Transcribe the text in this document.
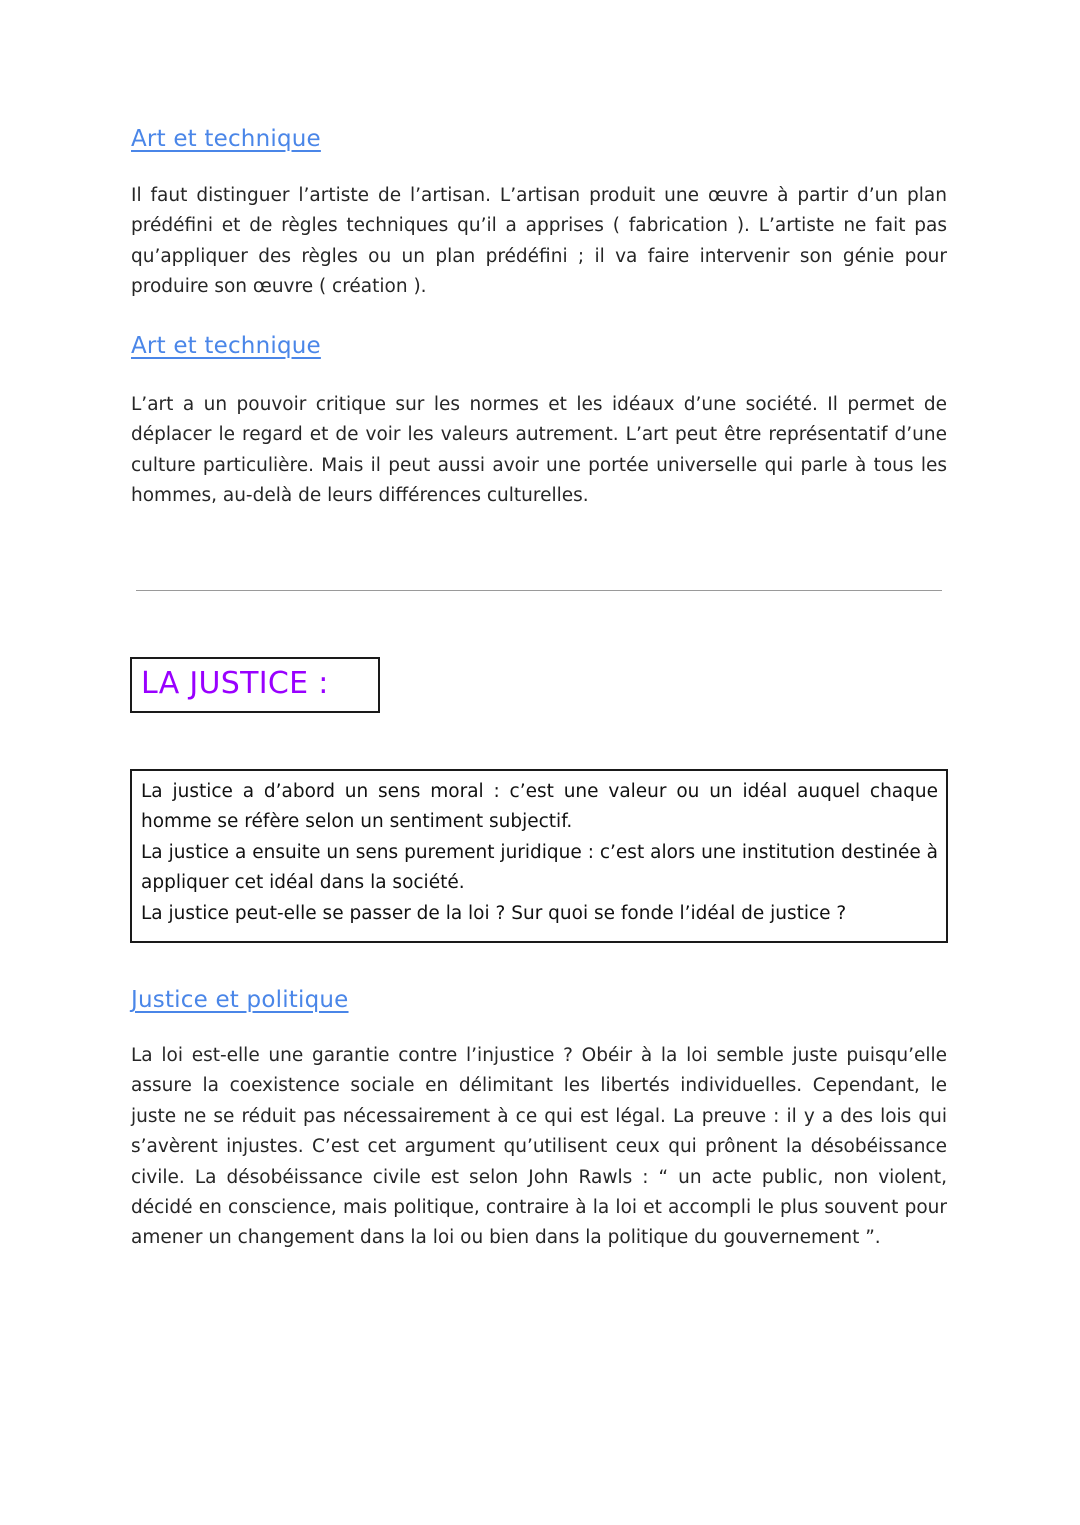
Art et technique

Il faut distinguer l’artiste de l’artisan. L’artisan produit une œuvre à partir d’un plan prédéfini et de règles techniques qu’il a apprises ( fabrication ). L’artiste ne fait pas qu’appliquer des règles ou un plan prédéfini ; il va faire intervenir son génie pour produire son œuvre ( création ).

Art et technique

L’art a un pouvoir critique sur les normes et les idéaux d’une société. Il permet de déplacer le regard et de voir les valeurs autrement. L’art peut être représentatif d’une culture particulière. Mais il peut aussi avoir une portée universelle qui parle à tous les hommes, au-delà de leurs différences culturelles.

LA JUSTICE :

La justice a d’abord un sens moral : c’est une valeur ou un idéal auquel chaque homme se réfère selon un sentiment subjectif.

La justice a ensuite un sens purement juridique : c’est alors une institution destinée à appliquer cet idéal dans la société.

La justice peut-elle se passer de la loi ? Sur quoi se fonde l’idéal de justice ?

Justice et politique

La loi est-elle une garantie contre l’injustice ? Obéir à la loi semble juste puisqu’elle assure la coexistence sociale en délimitant les libertés individuelles. Cependant, le juste ne se réduit pas nécessairement à ce qui est légal. La preuve : il y a des lois qui s’avèrent injustes. C’est cet argument qu’utilisent ceux qui prônent la désobéissance civile. La désobéissance civile est selon John Rawls : “ un acte public, non violent, décidé en conscience, mais politique, contraire à la loi et accompli le plus souvent pour amener un changement dans la loi ou bien dans la politique du gouvernement ”.
